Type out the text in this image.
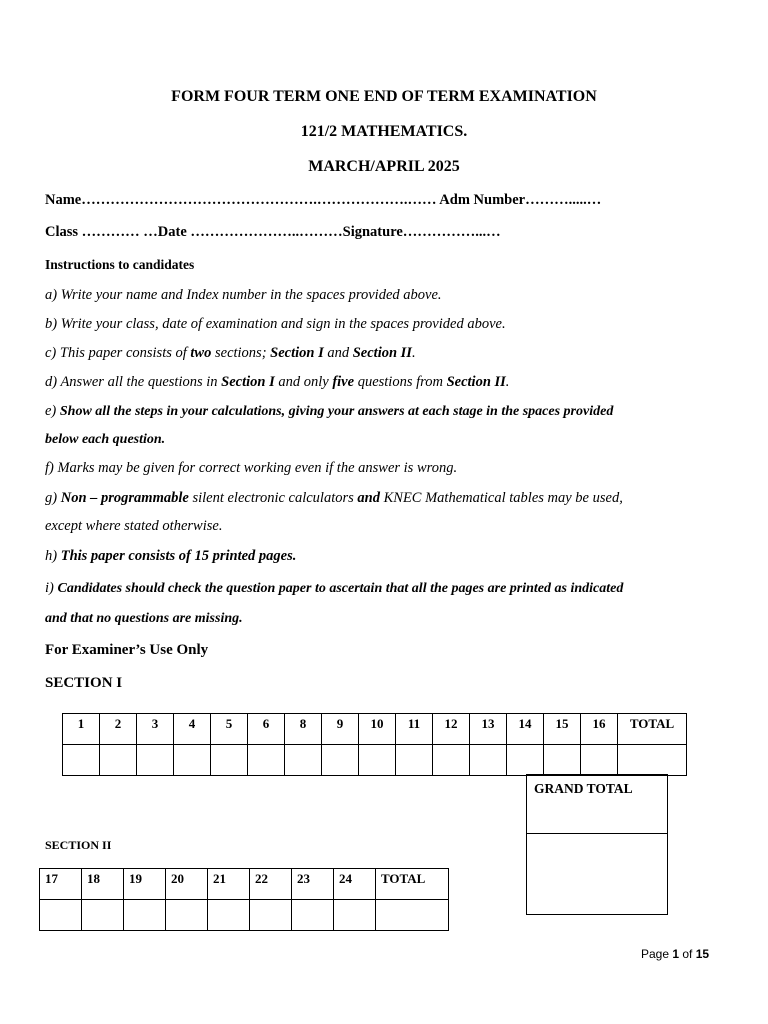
FORM FOUR TERM ONE END OF TERM EXAMINATION
121/2 MATHEMATICS.
MARCH/APRIL 2025
Name………………………………………….……………….…… Adm Number……….....…
Class ………… …Date …………………..………Signature……………...…
Instructions to candidates
a) Write your name and Index number in the spaces provided above.
b) Write your class, date of examination and sign in the spaces provided above.
c) This paper consists of two sections; Section I and Section II.
d) Answer all the questions in Section I and only five questions from Section II.
e) Show all the steps in your calculations, giving your answers at each stage in the spaces provided
below each question.
f) Marks may be given for correct working even if the answer is wrong.
g) Non – programmable silent electronic calculators and KNEC Mathematical tables may be used,
except where stated otherwise.
h) This paper consists of 15 printed pages.
i) Candidates should check the question paper to ascertain that all the pages are printed as indicated
and that no questions are missing.
For Examiner’s Use Only
SECTION I
1	2	3	4	5	6	8	9	10	11	12	13	14	15	16	TOTAL

GRAND TOTAL

SECTION II
17	18	19	20	21	22	23	24	TOTAL

Page 1 of 15
